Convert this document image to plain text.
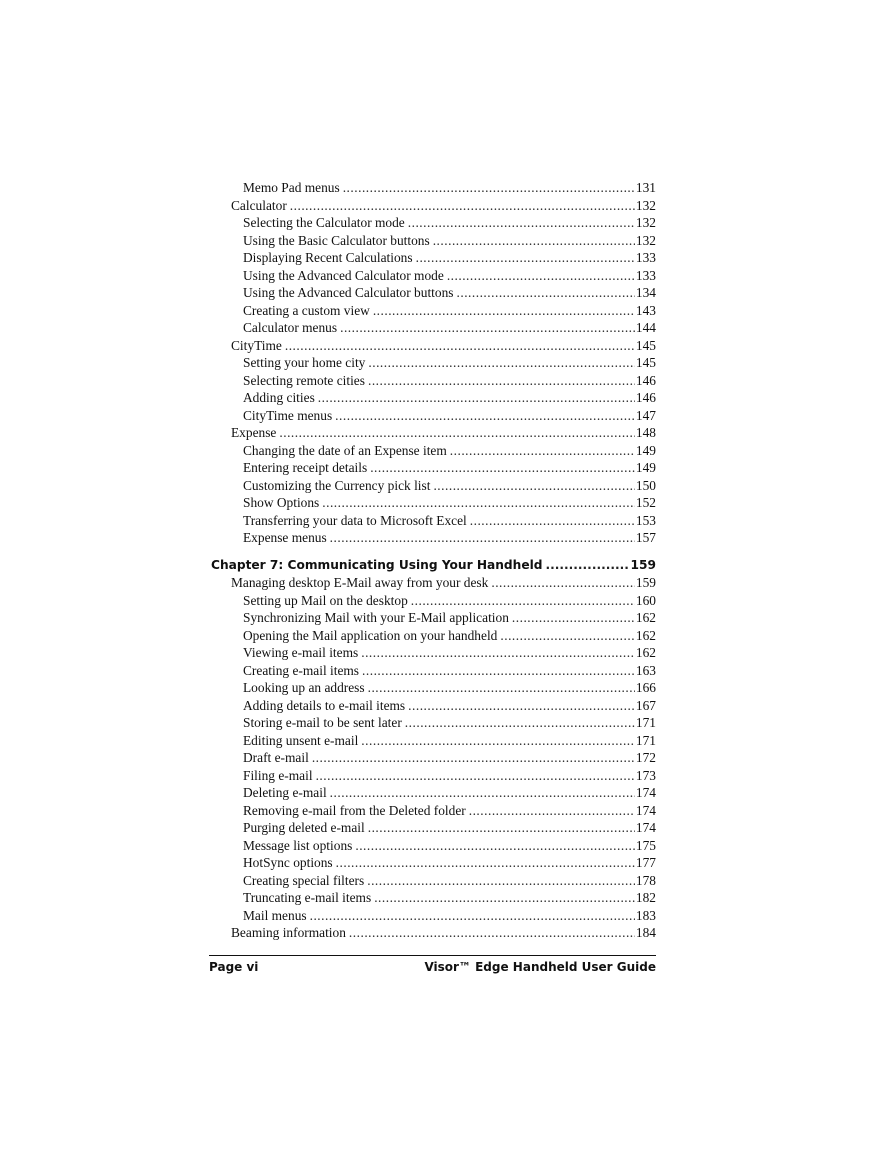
Memo Pad menus .....	131
Calculator .....	132
Selecting the Calculator mode .....	132
Using the Basic Calculator buttons .....	132
Displaying Recent Calculations .....	133
Using the Advanced Calculator mode .....	133
Using the Advanced Calculator buttons .....	134
Creating a custom view .....	143
Calculator menus .....	144
CityTime .....	145
Setting your home city .....	145
Selecting remote cities .....	146
Adding cities .....	146
CityTime menus .....	147
Expense .....	148
Changing the date of an Expense item .....	149
Entering receipt details .....	149
Customizing the Currency pick list .....	150
Show Options .....	152
Transferring your data to Microsoft Excel .....	153
Expense menus .....	157
Chapter 7: Communicating Using Your Handheld .....	159
Managing desktop E-Mail away from your desk .....	159
Setting up Mail on the desktop .....	160
Synchronizing Mail with your E-Mail application .....	162
Opening the Mail application on your handheld .....	162
Viewing e-mail items .....	162
Creating e-mail items .....	163
Looking up an address .....	166
Adding details to e-mail items .....	167
Storing e-mail to be sent later .....	171
Editing unsent e-mail .....	171
Draft e-mail .....	172
Filing e-mail .....	173
Deleting e-mail .....	174
Removing e-mail from the Deleted folder .....	174
Purging deleted e-mail .....	174
Message list options .....	175
HotSync options .....	177
Creating special filters .....	178
Truncating e-mail items .....	182
Mail menus .....	183
Beaming information .....	184
Page vi	Visor™ Edge Handheld User Guide
